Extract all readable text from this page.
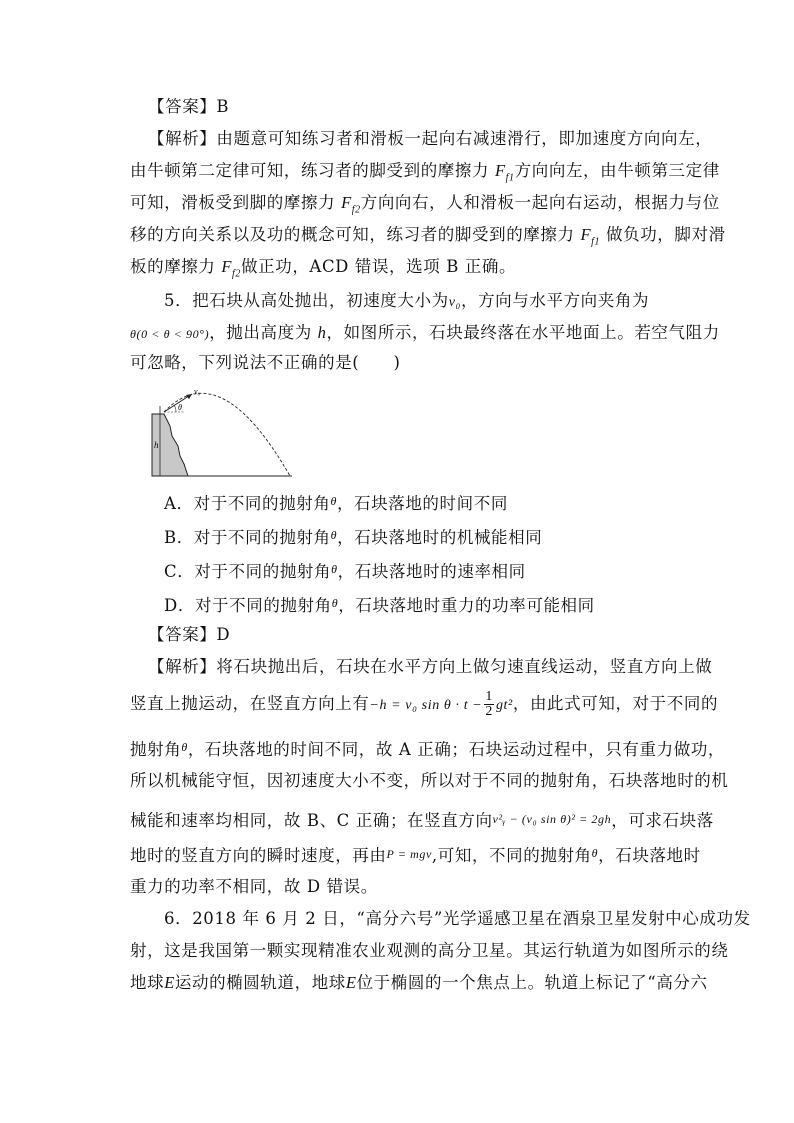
【答案】B
【解析】由题意可知练习者和滑板一起向右减速滑行，即加速度方向向左，
由牛顿第二定律可知，练习者的脚受到的摩擦力 $F_{f1}$方向向左，由牛顿第三定律
可知，滑板受到脚的摩擦力 $F_{f2}$方向向右，人和滑板一起向右运动，根据力与位
移的方向关系以及功的概念可知，练习者的脚受到的摩擦力 $F_{f1}$ 做负功，脚对滑
板的摩擦力 $F_{f2}$做正功，ACD 错误，选项 B 正确。
5．把石块从高处抛出，初速度大小为v₀，方向与水平方向夹角为
θ(0 < θ < 90°)，抛出高度为 h，如图所示，石块最终落在水平地面上。若空气阻力
可忽略，下列说法不正确的是(　　)
h
v₀
θ
A．对于不同的抛射角$^\theta$，石块落地的时间不同
B．对于不同的抛射角$^\theta$，石块落地时的机械能相同
C．对于不同的抛射角$^\theta$，石块落地时的速率相同
D．对于不同的抛射角$^\theta$，石块落地时重力的功率可能相同
【答案】D
【解析】将石块抛出后，石块在水平方向上做匀速直线运动，竖直方向上做
竖直上抛运动，在竖直方向上有−h = v₀ $\sin \theta \cdot t - \frac{1}{2} gt^2$，由此式可知，对于不同的
抛射角$^\theta$，石块落地的时间不同，故 A 正确；石块运动过程中，只有重力做功，
所以机械能守恒，因初速度大小不变，所以对于不同的抛射角，石块落地时的机
械能和速率均相同，故 B、C 正确；在竖直方向v²ᵧ − (v₀ sin θ)² = 2gh，可求石块落
地时的竖直方向的瞬时速度，再由P = mgv,可知，不同的抛射角$^\theta$，石块落地时
重力的功率不相同，故 D 错误。
6．2018 年 6 月 2 日，“高分六号”光学遥感卫星在酒泉卫星发射中心成功发
射，这是我国第一颗实现精准农业观测的高分卫星。其运行轨道为如图所示的绕
地球E运动的椭圆轨道，地球E位于椭圆的一个焦点上。轨道上标记了“高分六
